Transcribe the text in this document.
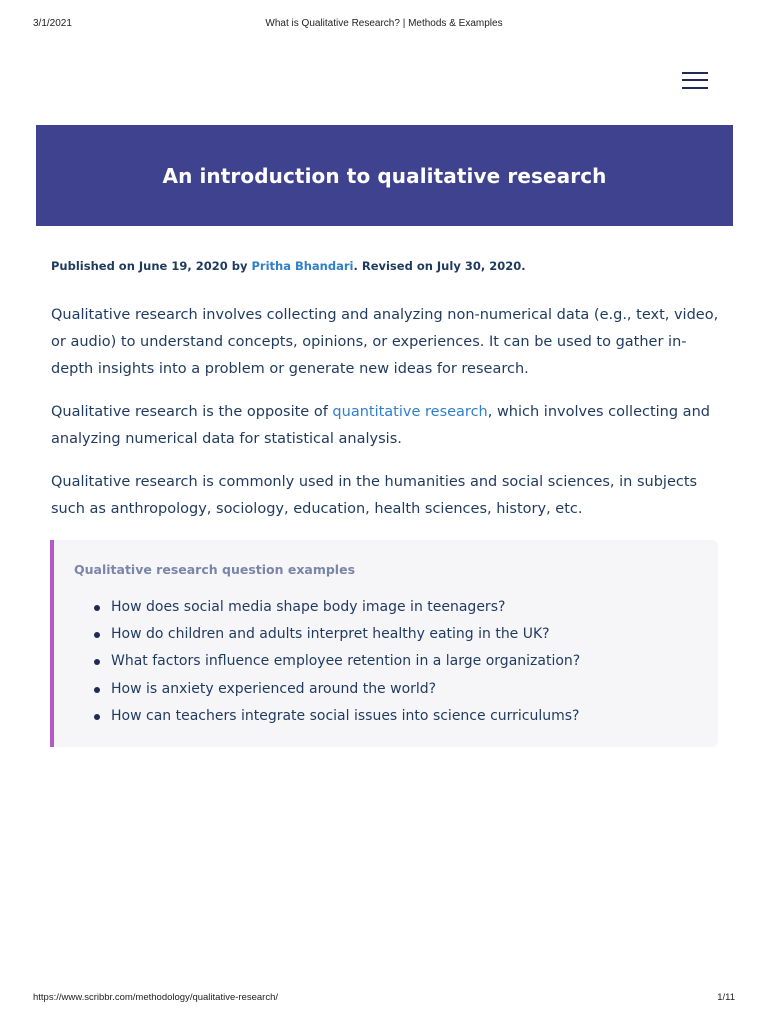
3/1/2021	What is Qualitative Research? | Methods & Examples
An introduction to qualitative research
Published on June 19, 2020 by Pritha Bhandari. Revised on July 30, 2020.

Qualitative research involves collecting and analyzing non-numerical data (e.g., text, video, or audio) to understand concepts, opinions, or experiences. It can be used to gather in-depth insights into a problem or generate new ideas for research.

Qualitative research is the opposite of quantitative research, which involves collecting and analyzing numerical data for statistical analysis.

Qualitative research is commonly used in the humanities and social sciences, in subjects such as anthropology, sociology, education, health sciences, history, etc.

Qualitative research question examples
How does social media shape body image in teenagers?
How do children and adults interpret healthy eating in the UK?
What factors influence employee retention in a large organization?
How is anxiety experienced around the world?
How can teachers integrate social issues into science curriculums?
https://www.scribbr.com/methodology/qualitative-research/	1/11
